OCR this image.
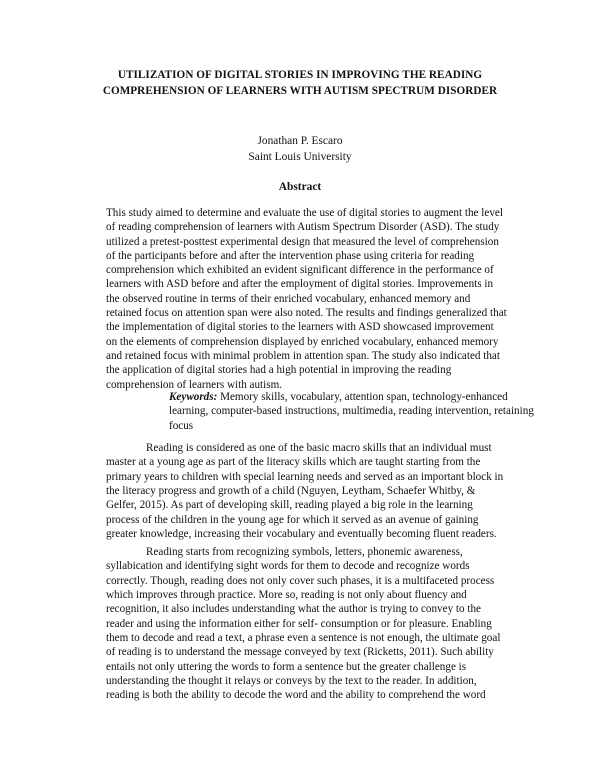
UTILIZATION OF DIGITAL STORIES IN IMPROVING THE READING
COMPREHENSION OF LEARNERS WITH AUTISM SPECTRUM DISORDER
Jonathan P. Escaro
Saint Louis University
Abstract
This study aimed to determine and evaluate the use of digital stories to augment the level
of reading comprehension of learners with Autism Spectrum Disorder (ASD). The study
utilized a pretest-posttest experimental design that measured the level of comprehension
of the participants before and after the intervention phase using criteria for reading
comprehension which exhibited an evident significant difference in the performance of
learners with ASD before and after the employment of digital stories. Improvements in
the observed routine in terms of their enriched vocabulary, enhanced memory and
retained focus on attention span were also noted. The results and findings generalized that
the implementation of digital stories to the learners with ASD showcased improvement
on the elements of comprehension displayed by enriched vocabulary, enhanced memory
and retained focus with minimal problem in attention span. The study also indicated that
the application of digital stories had a high potential in improving the reading
comprehension of learners with autism.
Keywords: Memory skills, vocabulary, attention span, technology-enhanced
learning, computer-based instructions, multimedia, reading intervention, retaining
focus
Reading is considered as one of the basic macro skills that an individual must
master at a young age as part of the literacy skills which are taught starting from the
primary years to children with special learning needs and served as an important block in
the literacy progress and growth of a child (Nguyen, Leytham, Schaefer Whitby, &
Gelfer, 2015). As part of developing skill, reading played a big role in the learning
process of the children in the young age for which it served as an avenue of gaining
greater knowledge, increasing their vocabulary and eventually becoming fluent readers.
Reading starts from recognizing symbols, letters, phonemic awareness,
syllabication and identifying sight words for them to decode and recognize words
correctly. Though, reading does not only cover such phases, it is a multifaceted process
which improves through practice. More so, reading is not only about fluency and
recognition, it also includes understanding what the author is trying to convey to the
reader and using the information either for self- consumption or for pleasure. Enabling
them to decode and read a text, a phrase even a sentence is not enough, the ultimate goal
of reading is to understand the message conveyed by text (Ricketts, 2011). Such ability
entails not only uttering the words to form a sentence but the greater challenge is
understanding the thought it relays or conveys by the text to the reader. In addition,
reading is both the ability to decode the word and the ability to comprehend the word
